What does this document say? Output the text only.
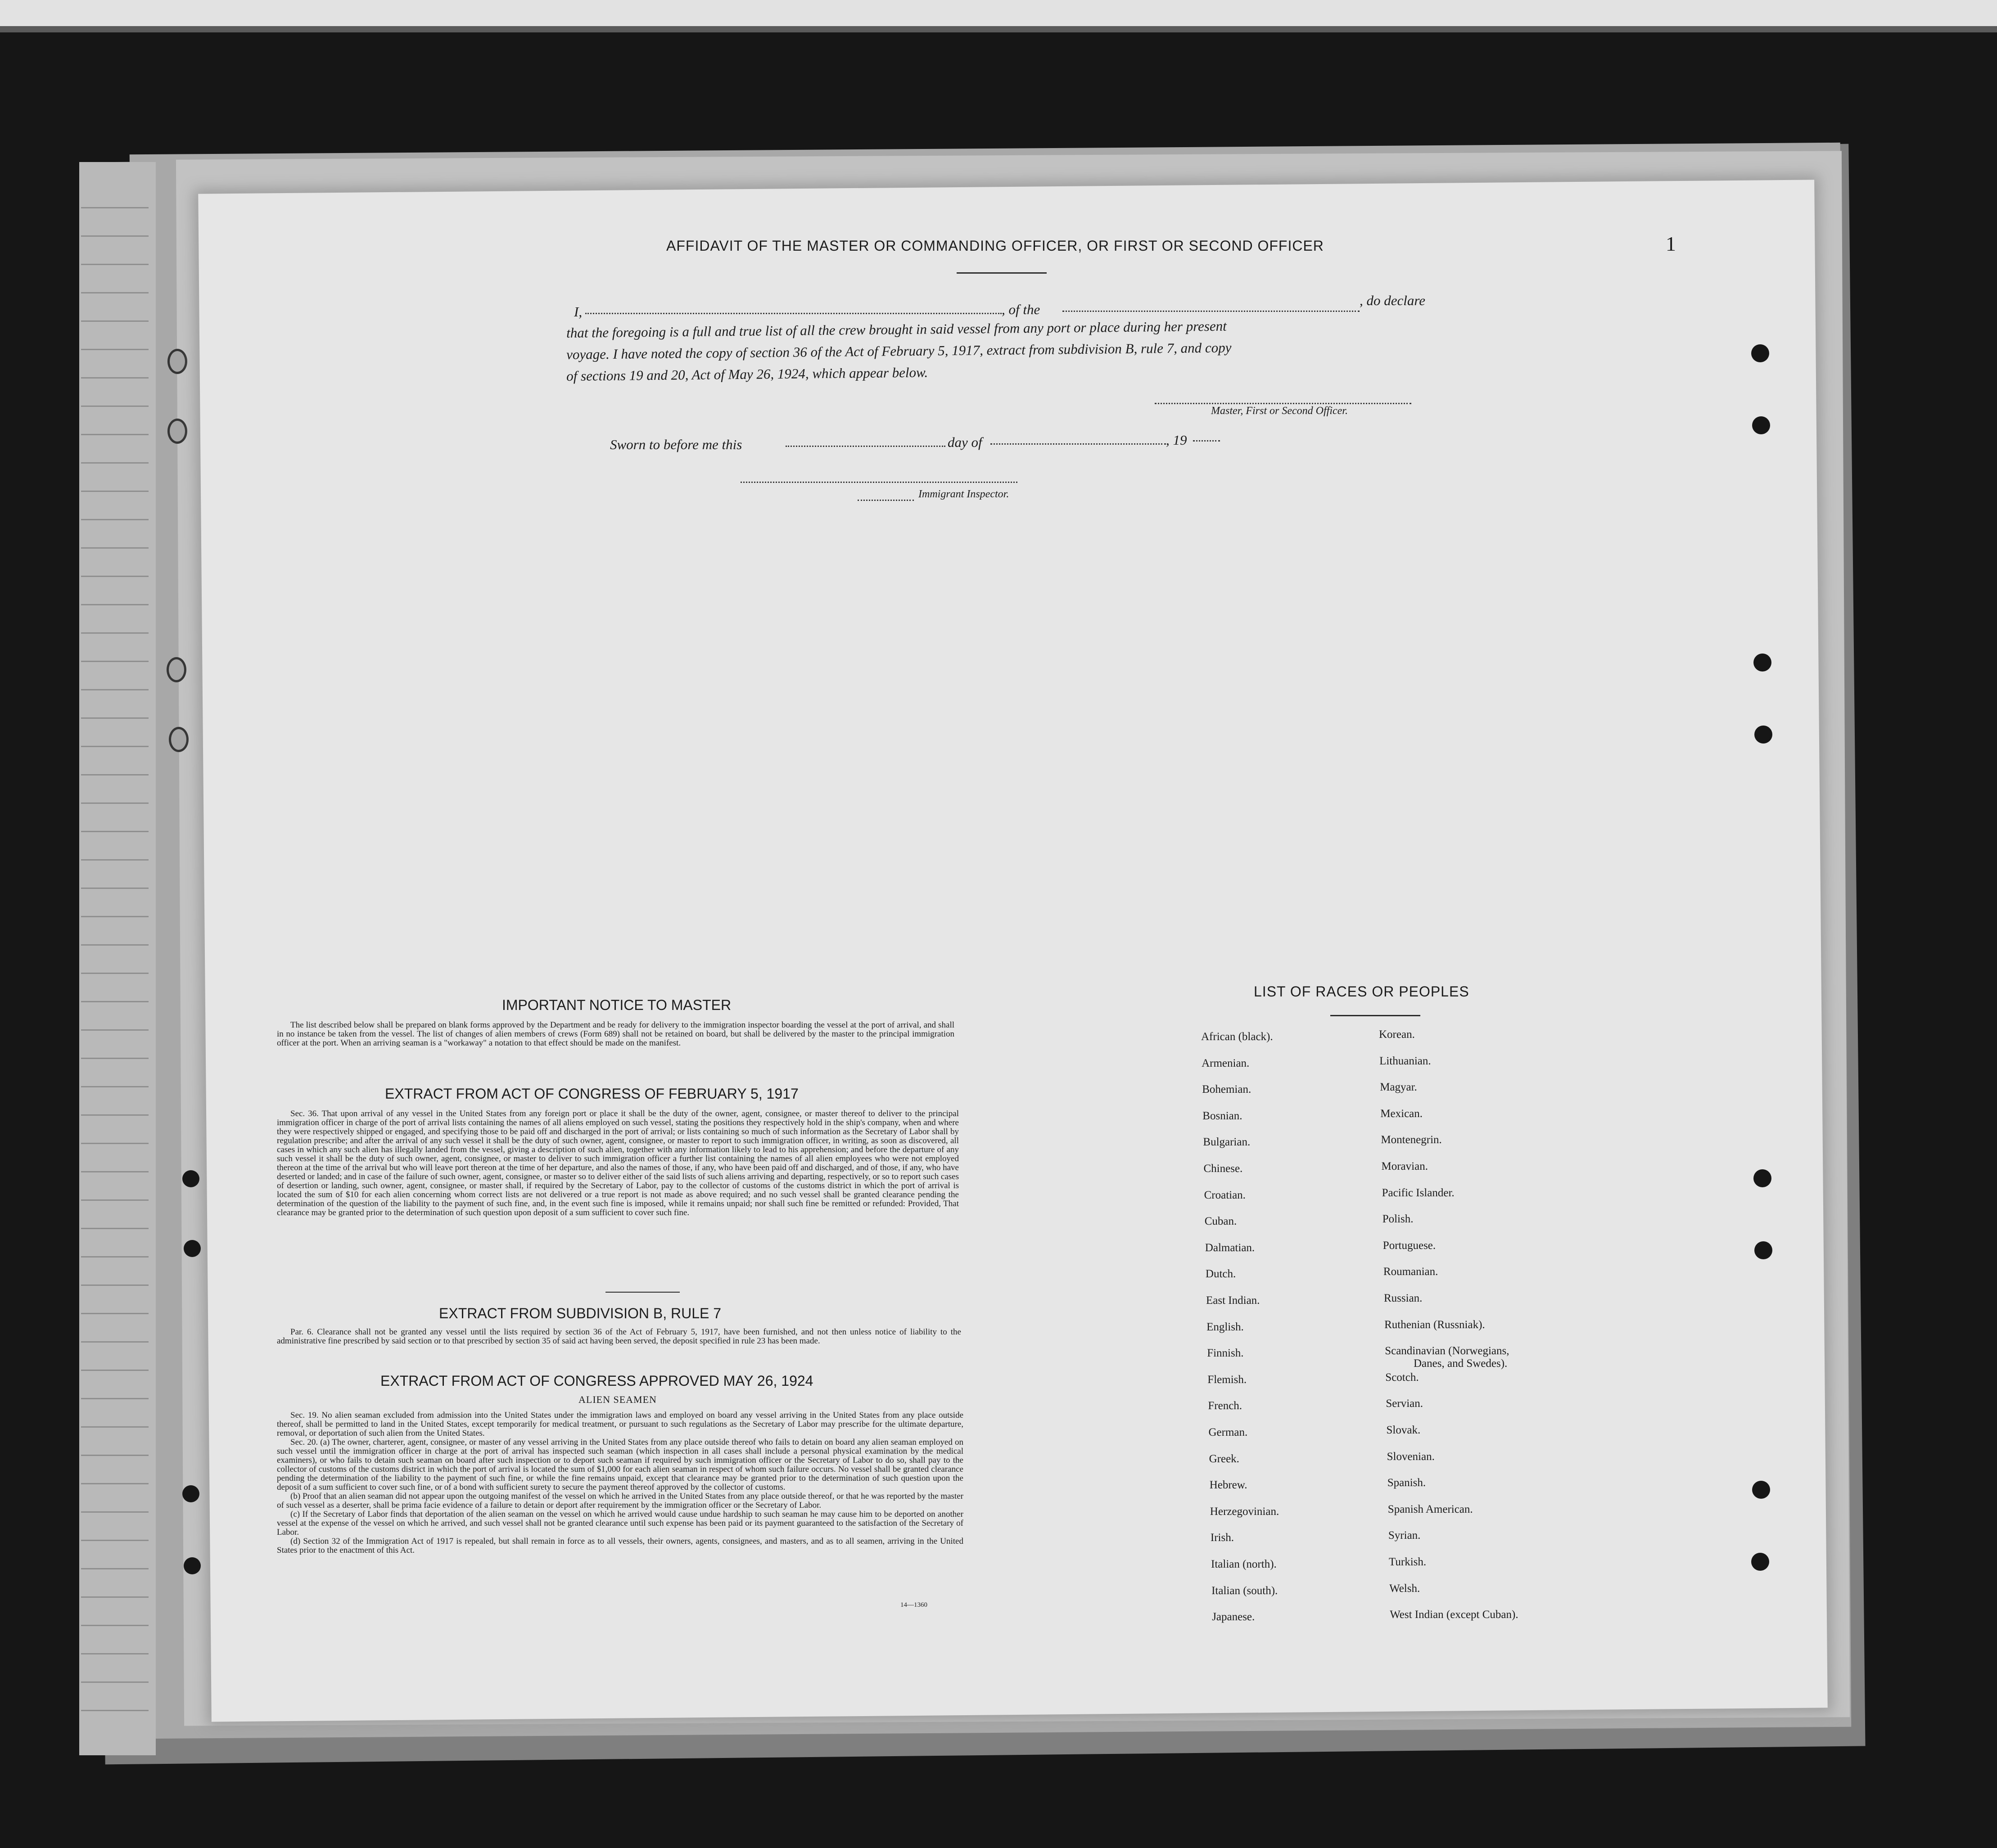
1
AFFIDAVIT OF THE MASTER OR COMMANDING OFFICER, OR FIRST OR SECOND OFFICER
I,	, of the
, do declare
that the foregoing is a full and true list of all the crew brought in said vessel from any port or place during her present
voyage. I have noted the copy of section 36 of the Act of February 5, 1917, extract from subdivision B, rule 7, and copy
of sections 19 and 20, Act of May 26, 1924, which appear below.
Master, First or Second Officer.
Sworn to before me this	day of	, 19
Immigrant Inspector.
IMPORTANT NOTICE TO MASTER

The list described below shall be prepared on blank forms approved by the Department and be ready for delivery to the immigration inspector boarding the vessel at the port of arrival, and shall in no instance be taken from the vessel. The list of changes of alien members of crews (Form 689) shall not be retained on board, but shall be delivered by the master to the principal immigration officer at the port. When an arriving seaman is a "workaway" a notation to that effect should be made on the manifest.

EXTRACT FROM ACT OF CONGRESS OF FEBRUARY 5, 1917

Sec. 36. That upon arrival of any vessel in the United States from any foreign port or place it shall be the duty of the owner, agent, consignee, or master thereof to deliver to the principal immigration officer in charge of the port of arrival lists containing the names of all aliens employed on such vessel, stating the positions they respectively hold in the ship's company, when and where they were respectively shipped or engaged, and specifying those to be paid off and discharged in the port of arrival; or lists containing so much of such information as the Secretary of Labor shall by regulation prescribe; and after the arrival of any such vessel it shall be the duty of such owner, agent, consignee, or master to report to such immigration officer, in writing, as soon as discovered, all cases in which any such alien has illegally landed from the vessel, giving a description of such alien, together with any information likely to lead to his apprehension; and before the departure of any such vessel it shall be the duty of such owner, agent, consignee, or master to deliver to such immigration officer a further list containing the names of all alien employees who were not employed thereon at the time of the arrival but who will leave port thereon at the time of her departure, and also the names of those, if any, who have been paid off and discharged, and of those, if any, who have deserted or landed; and in case of the failure of such owner, agent, consignee, or master so to deliver either of the said lists of such aliens arriving and departing, respectively, or so to report such cases of desertion or landing, such owner, agent, consignee, or master shall, if required by the Secretary of Labor, pay to the collector of customs of the customs district in which the port of arrival is located the sum of $10 for each alien concerning whom correct lists are not delivered or a true report is not made as above required; and no such vessel shall be granted clearance pending the determination of the question of the liability to the payment of such fine, and, in the event such fine is imposed, while it remains unpaid; nor shall such fine be remitted or refunded: Provided, That clearance may be granted prior to the determination of such question upon deposit of a sum sufficient to cover such fine.

EXTRACT FROM SUBDIVISION B, RULE 7

Par. 6. Clearance shall not be granted any vessel until the lists required by section 36 of the Act of February 5, 1917, have been furnished, and not then unless notice of liability to the administrative fine prescribed by said section or to that prescribed by section 35 of said act having been served, the deposit specified in rule 23 has been made.

EXTRACT FROM ACT OF CONGRESS APPROVED MAY 26, 1924
ALIEN SEAMEN

Sec. 19. No alien seaman excluded from admission into the United States under the immigration laws and employed on board any vessel arriving in the United States from any place outside thereof, shall be permitted to land in the United States, except temporarily for medical treatment, or pursuant to such regulations as the Secretary of Labor may prescribe for the ultimate departure, removal, or deportation of such alien from the United States.

Sec. 20. (a) The owner, charterer, agent, consignee, or master of any vessel arriving in the United States from any place outside thereof who fails to detain on board any alien seaman employed on such vessel until the immigration officer in charge at the port of arrival has inspected such seaman (which inspection in all cases shall include a personal physical examination by the medical examiners), or who fails to detain such seaman on board after such inspection or to deport such seaman if required by such immigration officer or the Secretary of Labor to do so, shall pay to the collector of customs of the customs district in which the port of arrival is located the sum of $1,000 for each alien seaman in respect of whom such failure occurs. No vessel shall be granted clearance pending the determination of the liability to the payment of such fine, or while the fine remains unpaid, except that clearance may be granted prior to the determination of such question upon the deposit of a sum sufficient to cover such fine, or of a bond with sufficient surety to secure the payment thereof approved by the collector of customs.

(b) Proof that an alien seaman did not appear upon the outgoing manifest of the vessel on which he arrived in the United States from any place outside thereof, or that he was reported by the master of such vessel as a deserter, shall be prima facie evidence of a failure to detain or deport after requirement by the immigration officer or the Secretary of Labor.

(c) If the Secretary of Labor finds that deportation of the alien seaman on the vessel on which he arrived would cause undue hardship to such seaman he may cause him to be deported on another vessel at the expense of the vessel on which he arrived, and such vessel shall not be granted clearance until such expense has been paid or its payment guaranteed to the satisfaction of the Secretary of Labor.

(d) Section 32 of the Immigration Act of 1917 is repealed, but shall remain in force as to all vessels, their owners, agents, consignees, and masters, and as to all seamen, arriving in the United States prior to the enactment of this Act.

14—1360
LIST OF RACES OR PEOPLES
African (black).
Armenian.
Bohemian.
Bosnian.
Bulgarian.
Chinese.
Croatian.
Cuban.
Dalmatian.
Dutch.
East Indian.
English.
Finnish.
Flemish.
French.
German.
Greek.
Hebrew.
Herzegovinian.
Irish.
Italian (north).
Italian (south).
Japanese.
Korean.
Lithuanian.
Magyar.
Mexican.
Montenegrin.
Moravian.
Pacific Islander.
Polish.
Portuguese.
Roumanian.
Russian.
Ruthenian (Russniak).
Scandinavian (Norwegians,
Scotch.
Servian.
Slovak.
Slovenian.
Spanish.
Spanish American.
Syrian.
Turkish.
Welsh.
West Indian (except Cuban).
Danes, and Swedes).
